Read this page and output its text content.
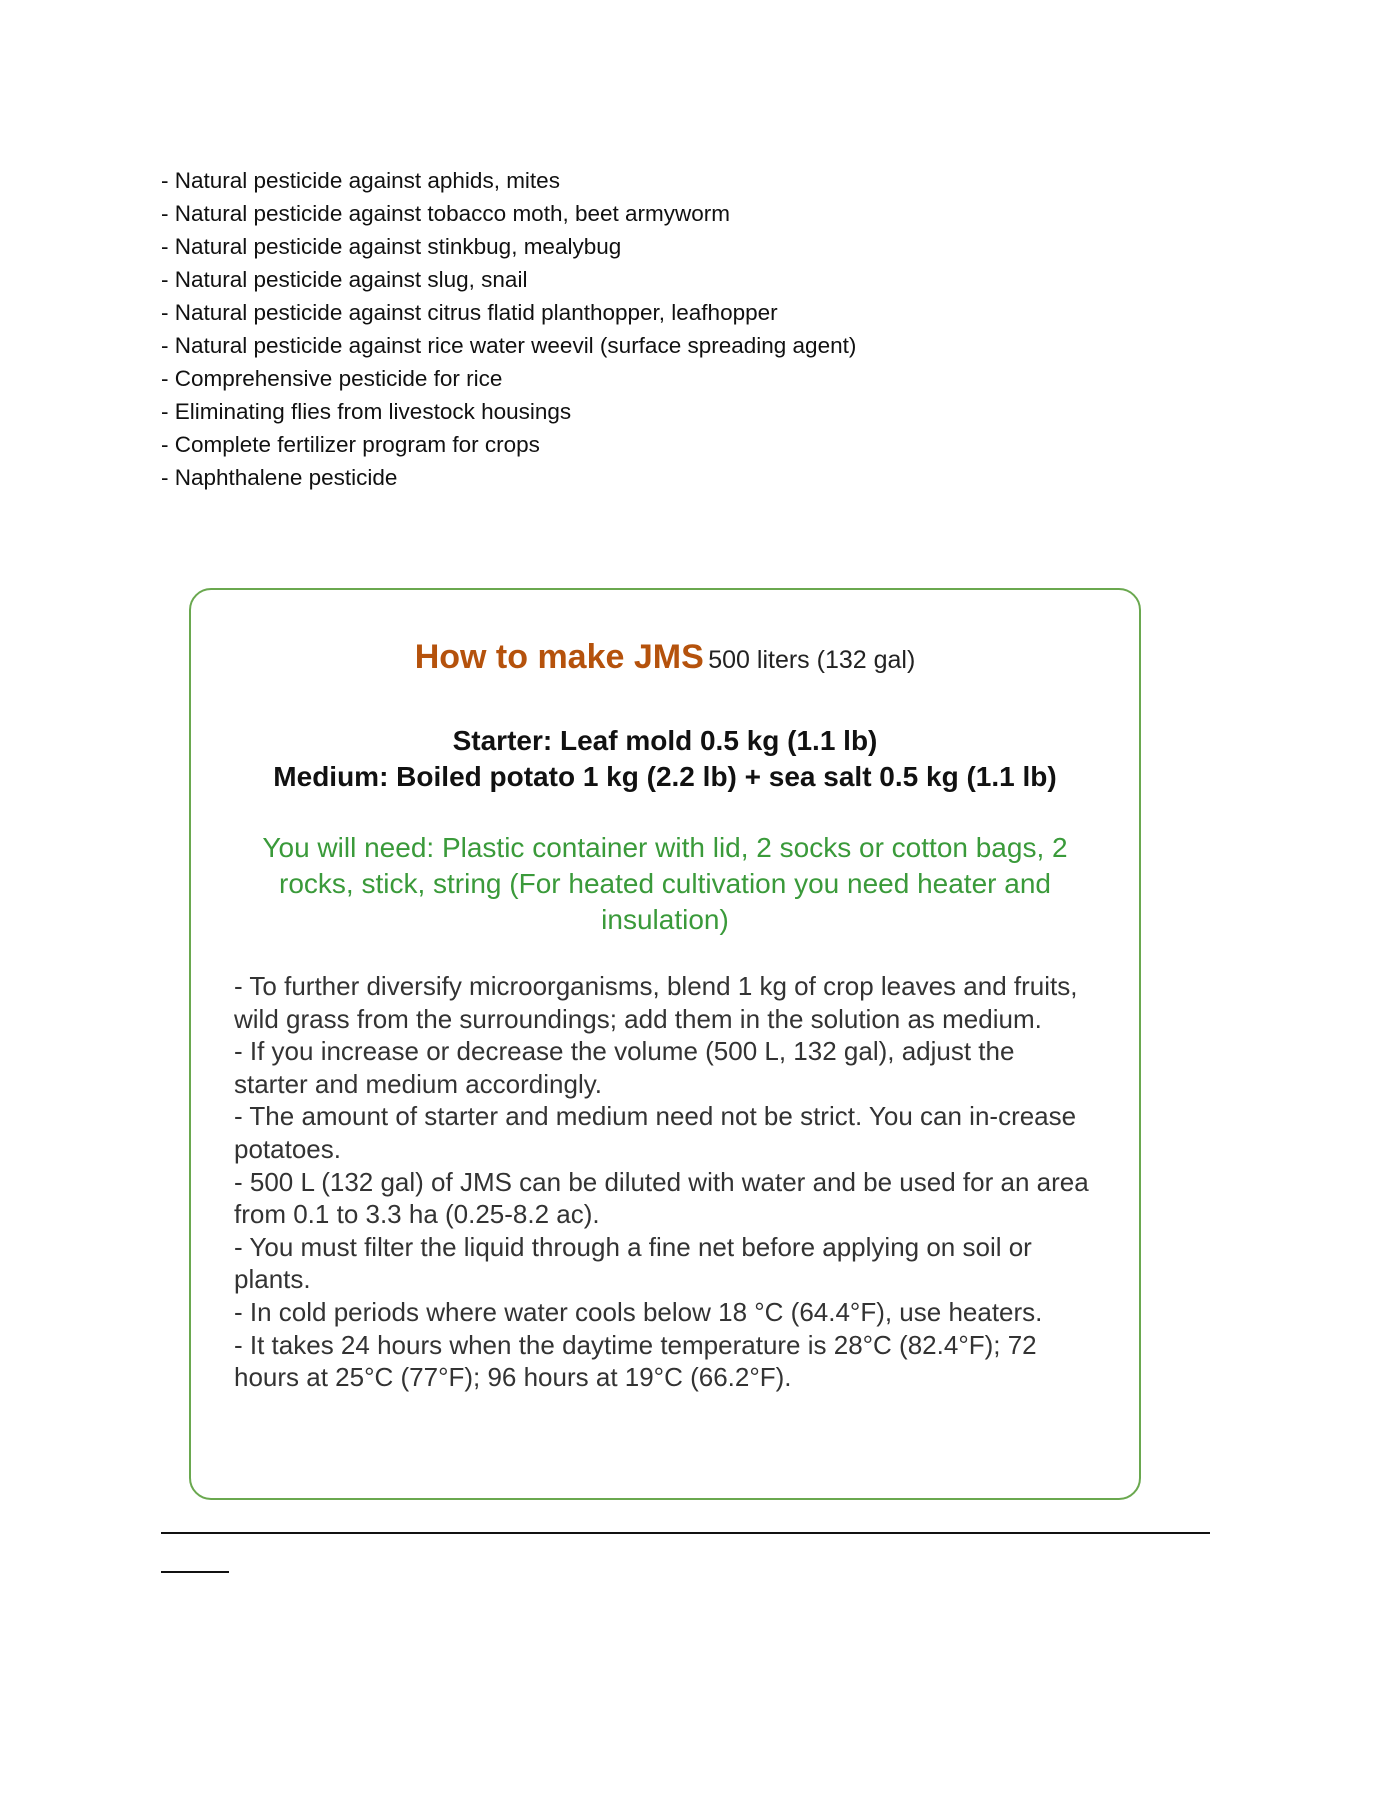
- Natural pesticide against aphids, mites
- Natural pesticide against tobacco moth, beet armyworm
- Natural pesticide against stinkbug, mealybug
- Natural pesticide against slug, snail
- Natural pesticide against citrus flatid planthopper, leafhopper
- Natural pesticide against rice water weevil (surface spreading agent)
- Comprehensive pesticide for rice
- Eliminating flies from livestock housings
- Complete fertilizer program for crops
- Naphthalene pesticide
How to make JMS 500 liters (132 gal)
Starter: Leaf mold 0.5 kg (1.1 lb)
Medium: Boiled potato 1 kg (2.2 lb) + sea salt 0.5 kg (1.1 lb)
You will need: Plastic container with lid, 2 socks or cotton bags, 2 rocks, stick, string (For heated cultivation you need heater and insulation)

- To further diversify microorganisms, blend 1 kg of crop leaves and fruits, wild grass from the surroundings; add them in the solution as medium.

- If you increase or decrease the volume (500 L, 132 gal), adjust the starter and medium accordingly.

- The amount of starter and medium need not be strict. You can in-crease potatoes.

- 500 L (132 gal) of JMS can be diluted with water and be used for an area from 0.1 to 3.3 ha (0.25-8.2 ac).

- You must filter the liquid through a fine net before applying on soil or plants.

- In cold periods where water cools below 18 °C (64.4°F), use heaters.

- It takes 24 hours when the daytime temperature is 28°C (82.4°F); 72 hours at 25°C (77°F); 96 hours at 19°C (66.2°F).
